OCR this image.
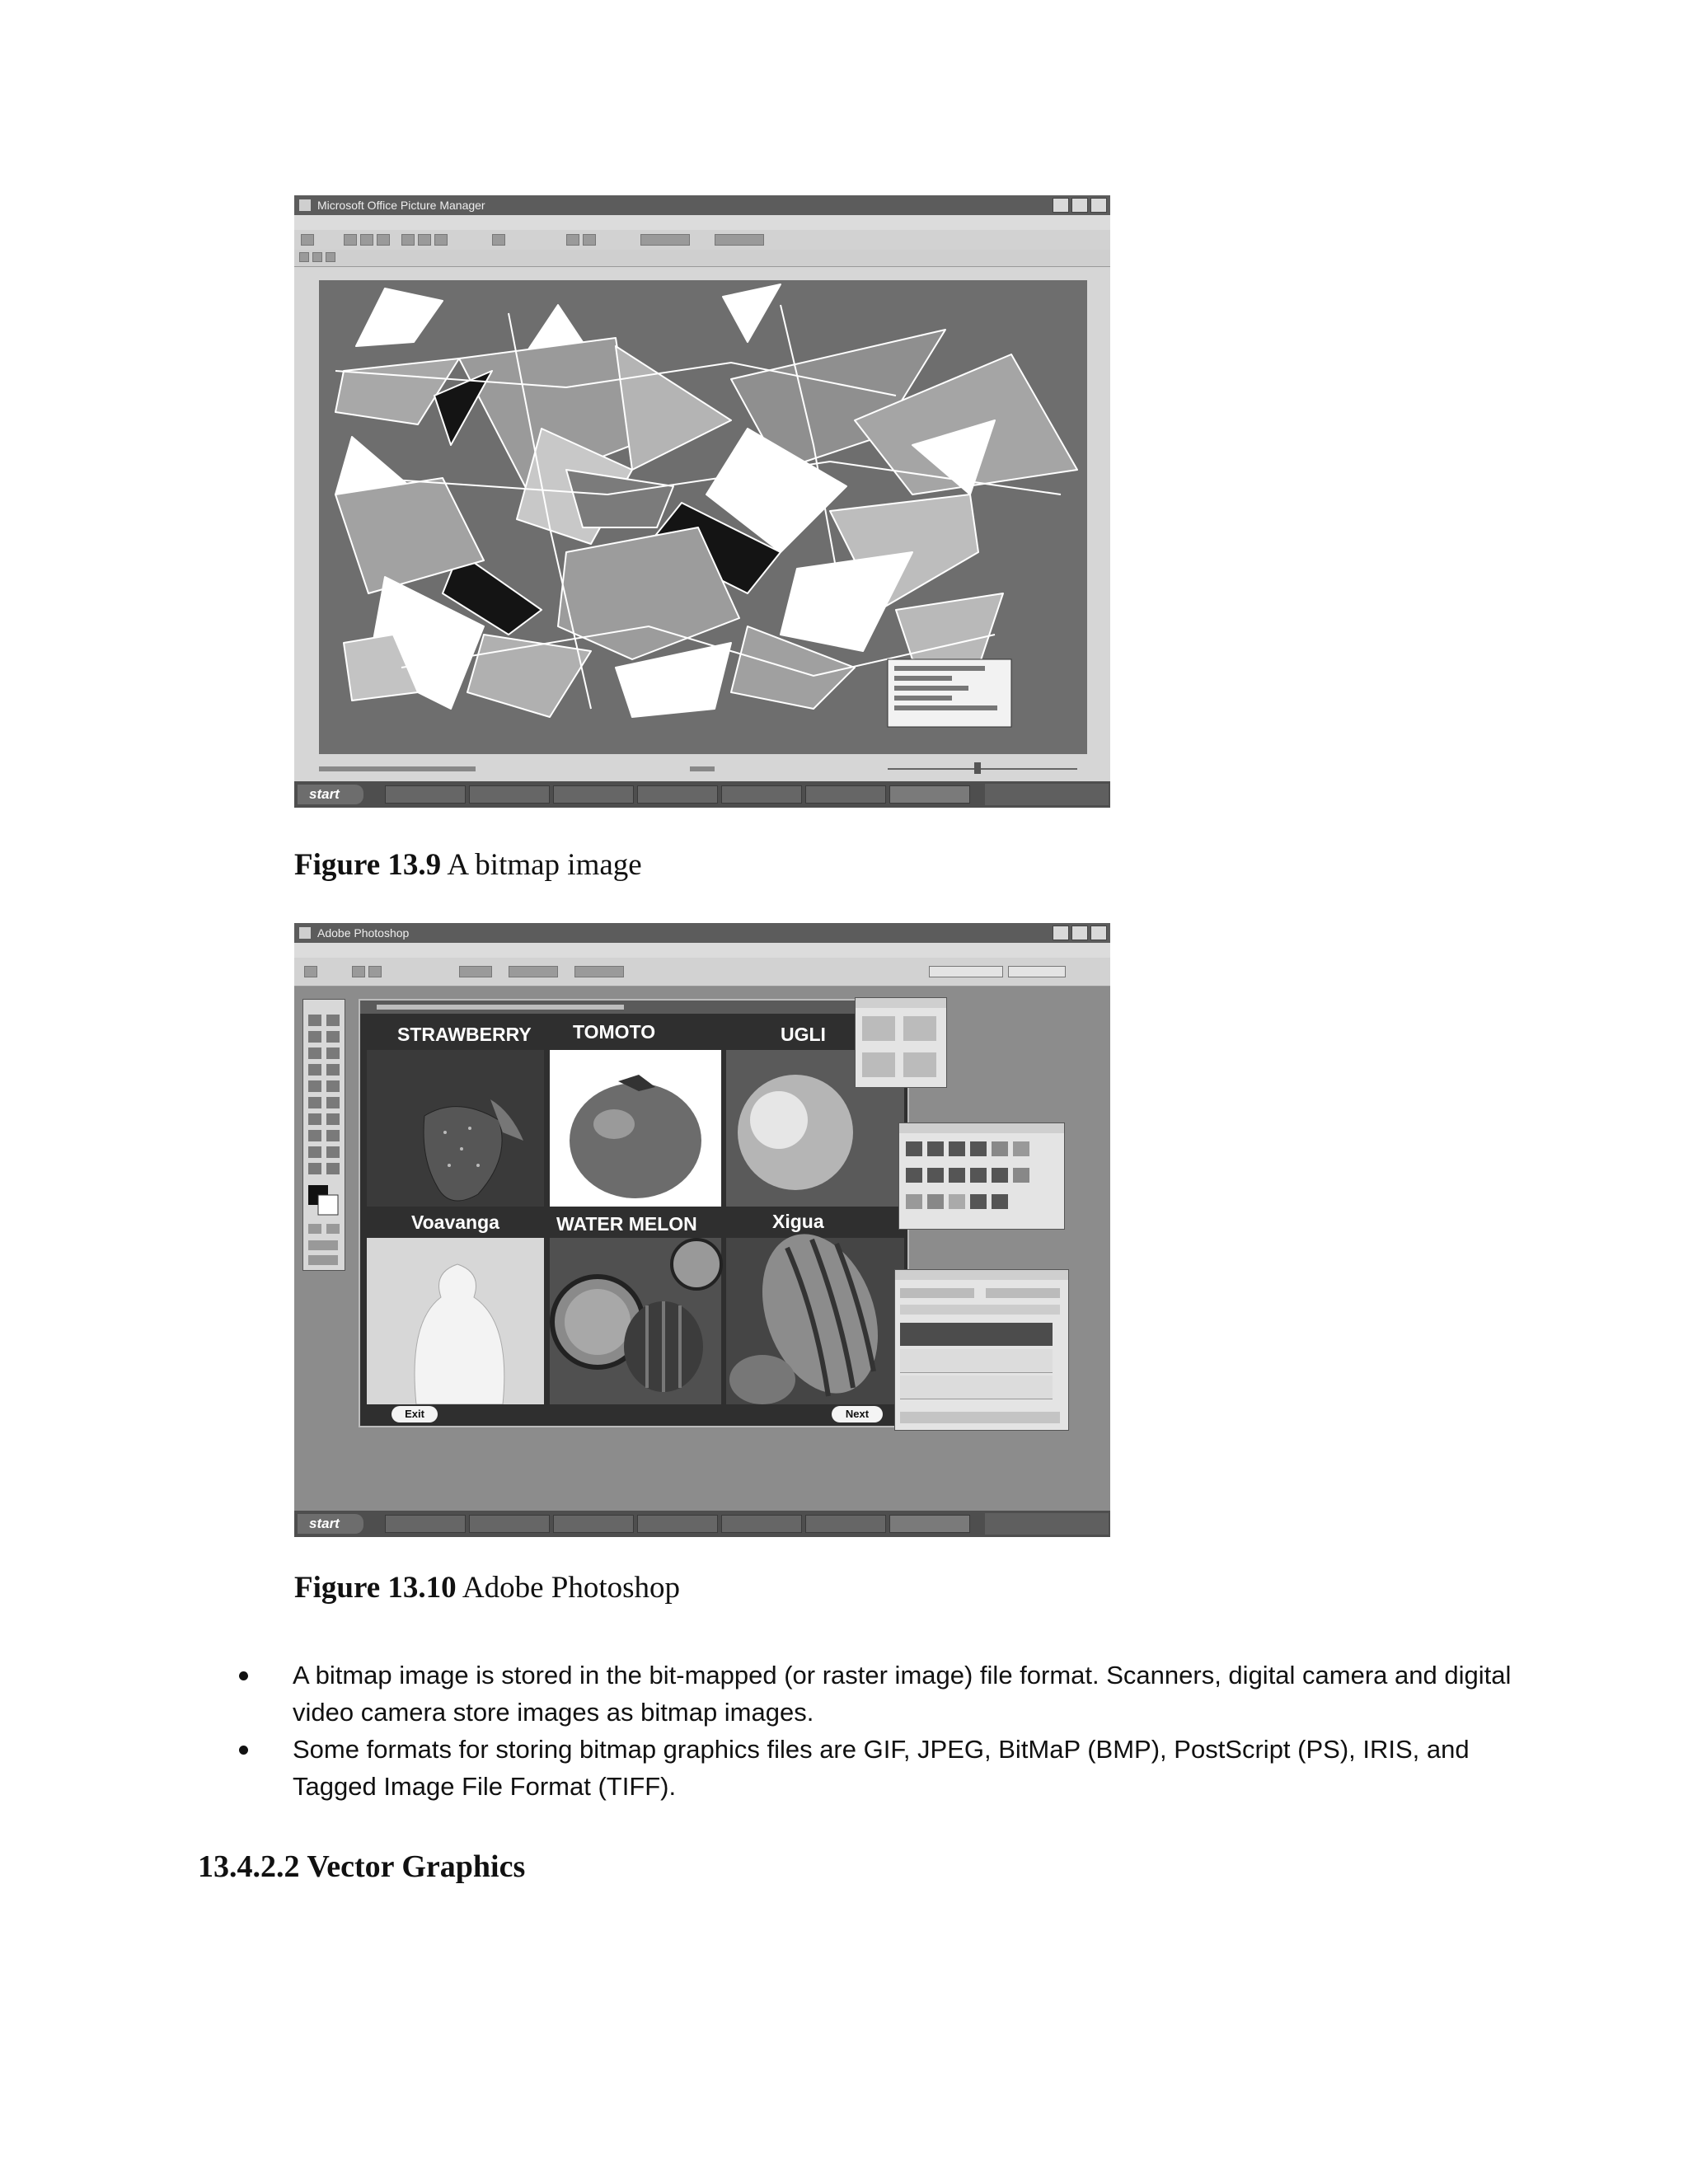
Microsoft Office Picture Manager
start
Figure 13.9 A bitmap image
Adobe Photoshop
STRAWBERRY TOMOTO	UGLI
Voavanga	WATER MELON	Xigua
Exit	Next
start
Figure 13.10 Adobe Photoshop
A bitmap image is stored in the bit-mapped (or raster image) file format. Scanners, digital camera and digital video camera store images as bitmap images.
Some formats for storing bitmap graphics files are GIF, JPEG, BitMaP (BMP), PostScript (PS), IRIS, and Tagged Image File Format (TIFF).
13.4.2.2 Vector Graphics
